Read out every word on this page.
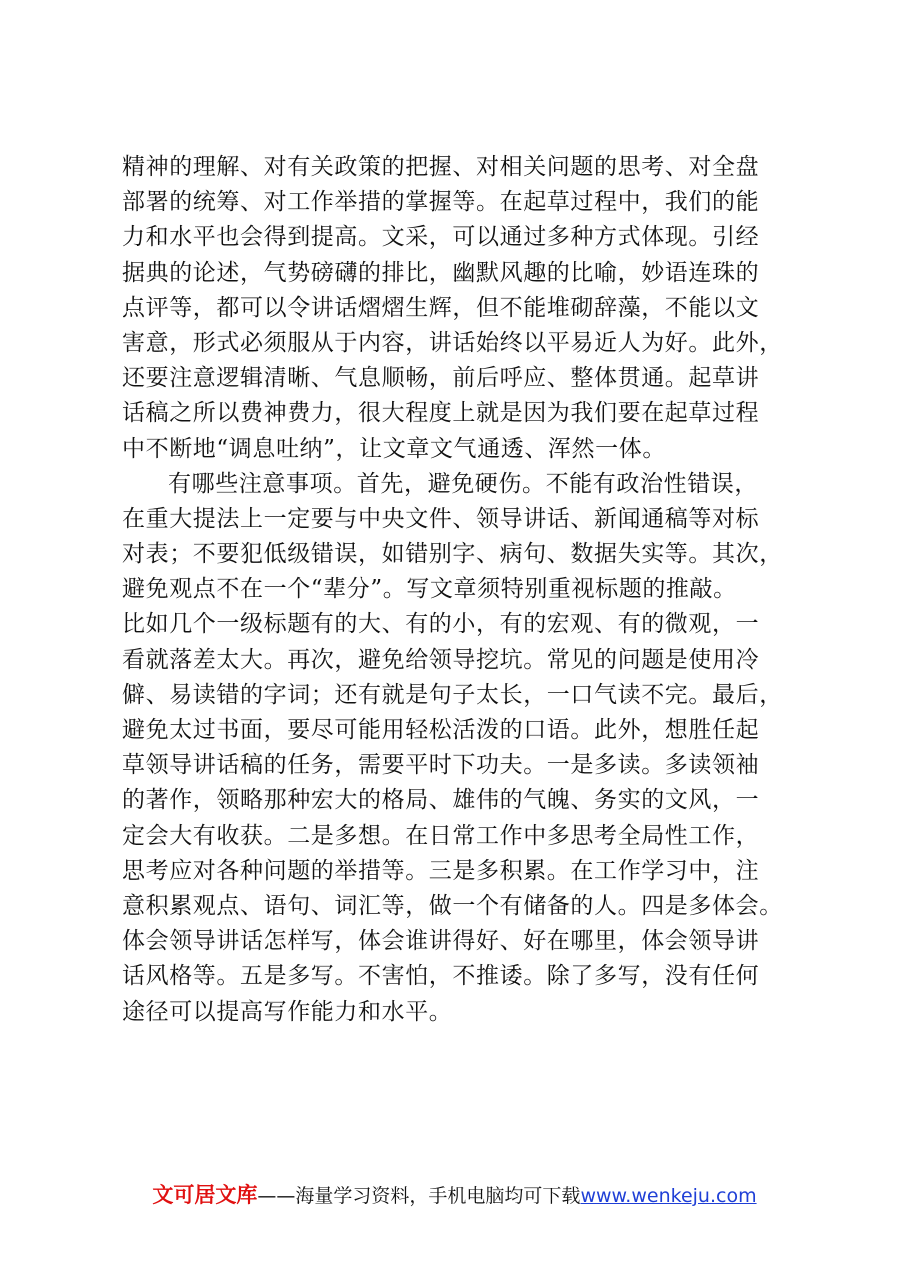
精神的理解、对有关政策的把握、对相关问题的思考、对全盘
部署的统筹、对工作举措的掌握等。在起草过程中，我们的能
力和水平也会得到提高。文采，可以通过多种方式体现。引经
据典的论述，气势磅礴的排比，幽默风趣的比喻，妙语连珠的
点评等，都可以令讲话熠熠生辉，但不能堆砌辞藻，不能以文
害意，形式必须服从于内容，讲话始终以平易近人为好。此外，
还要注意逻辑清晰、气息顺畅，前后呼应、整体贯通。起草讲
话稿之所以费神费力，很大程度上就是因为我们要在起草过程
中不断地“调息吐纳”，让文章文气通透、浑然一体。
有哪些注意事项。首先，避免硬伤。不能有政治性错误，
在重大提法上一定要与中央文件、领导讲话、新闻通稿等对标
对表；不要犯低级错误，如错别字、病句、数据失实等。其次，
避免观点不在一个“辈分”。写文章须特别重视标题的推敲。
比如几个一级标题有的大、有的小，有的宏观、有的微观，一
看就落差太大。再次，避免给领导挖坑。常见的问题是使用冷
僻、易读错的字词；还有就是句子太长，一口气读不完。最后，
避免太过书面，要尽可能用轻松活泼的口语。此外，想胜任起
草领导讲话稿的任务，需要平时下功夫。一是多读。多读领袖
的著作，领略那种宏大的格局、雄伟的气魄、务实的文风，一
定会大有收获。二是多想。在日常工作中多思考全局性工作，
思考应对各种问题的举措等。三是多积累。在工作学习中，注
意积累观点、语句、词汇等，做一个有储备的人。四是多体会。
体会领导讲话怎样写，体会谁讲得好、好在哪里，体会领导讲
话风格等。五是多写。不害怕，不推诿。除了多写，没有任何
途径可以提高写作能力和水平。
文可居文库——海量学习资料，手机电脑均可下载www.wenkeju.com
